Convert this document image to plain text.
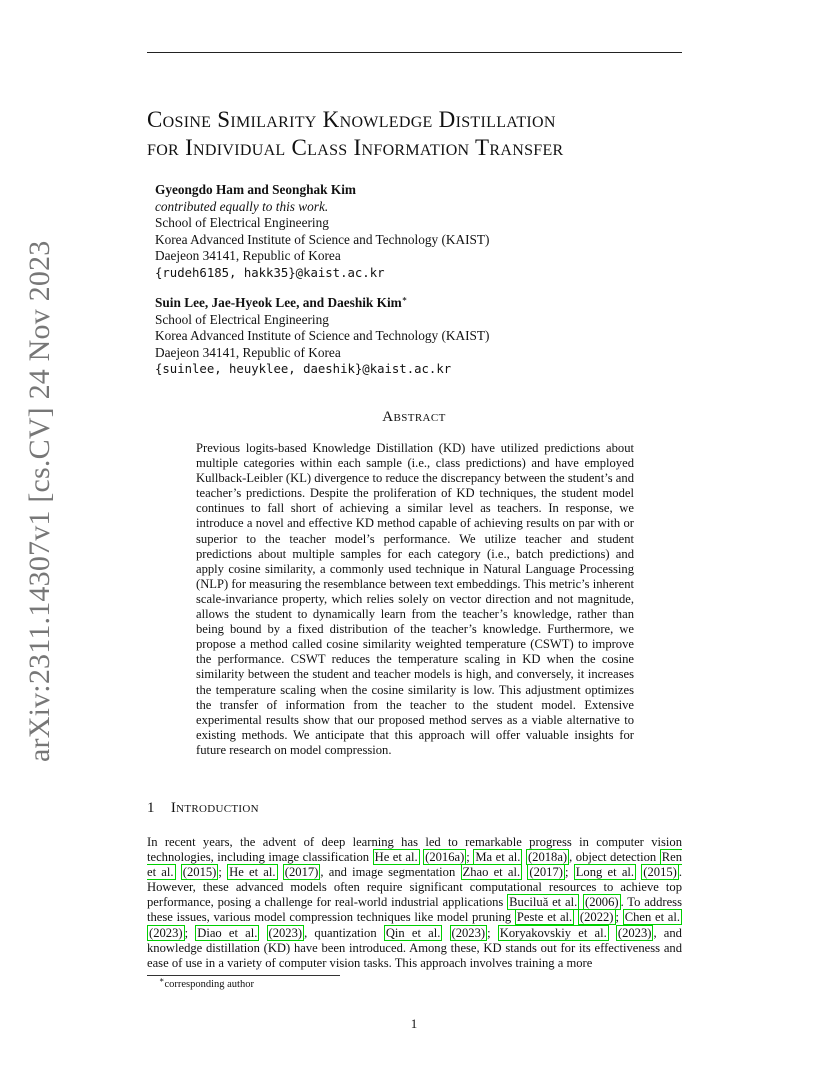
arXiv:2311.14307v1 [cs.CV] 24 Nov 2023
Cosine Similarity Knowledge Distillation
for Individual Class Information Transfer
Gyeongdo Ham and Seonghak Kim
contributed equally to this work.
School of Electrical Engineering
Korea Advanced Institute of Science and Technology (KAIST)
Daejeon 34141, Republic of Korea
{rudeh6185, hakk35}@kaist.ac.kr
Suin Lee, Jae-Hyeok Lee, and Daeshik Kim∗
School of Electrical Engineering
Korea Advanced Institute of Science and Technology (KAIST)
Daejeon 34141, Republic of Korea
{suinlee, heuyklee, daeshik}@kaist.ac.kr
Abstract
Previous logits-based Knowledge Distillation (KD) have utilized predictions about multiple categories within each sample (i.e., class predictions) and have employed Kullback-Leibler (KL) divergence to reduce the discrepancy between the student’s and teacher’s predictions. Despite the proliferation of KD techniques, the student model continues to fall short of achieving a similar level as teachers. In response, we introduce a novel and effective KD method capable of achieving results on par with or superior to the teacher model’s performance. We utilize teacher and student predictions about multiple samples for each category (i.e., batch predictions) and apply cosine similarity, a commonly used technique in Natural Language Processing (NLP) for measuring the resemblance between text embeddings. This metric’s inherent scale-invariance property, which relies solely on vector direction and not magnitude, allows the student to dynamically learn from the teacher’s knowledge, rather than being bound by a fixed distribution of the teacher’s knowledge. Furthermore, we propose a method called cosine similarity weighted temperature (CSWT) to improve the performance. CSWT reduces the temperature scaling in KD when the cosine similarity between the student and teacher models is high, and conversely, it increases the temperature scaling when the cosine similarity is low. This adjustment optimizes the transfer of information from the teacher to the student model. Extensive experimental results show that our proposed method serves as a viable alternative to existing methods. We anticipate that this approach will offer valuable insights for future research on model compression.
1 Introduction
In recent years, the advent of deep learning has led to remarkable progress in computer vision technologies, including image classification He et al. (2016a) ; Ma et al. (2018a) , object detection Ren et al. (2015) ; He et al. (2017) , and image segmentation Zhao et al. (2017) ; Long et al. (2015) . However, these advanced models often require significant computational resources to achieve top performance, posing a challenge for real-world industrial applications Buciluǎ et al. (2006) . To address these issues, various model compression techniques like model pruning Peste et al. (2022) ; Chen et al. (2023) ; Diao et al. (2023) , quantization Qin et al. (2023) ; Koryakovskiy et al. (2023) , and knowledge distillation (KD) have been introduced. Among these, KD stands out for its effectiveness and ease of use in a variety of computer vision tasks. This approach involves training a more
∗corresponding author
1
